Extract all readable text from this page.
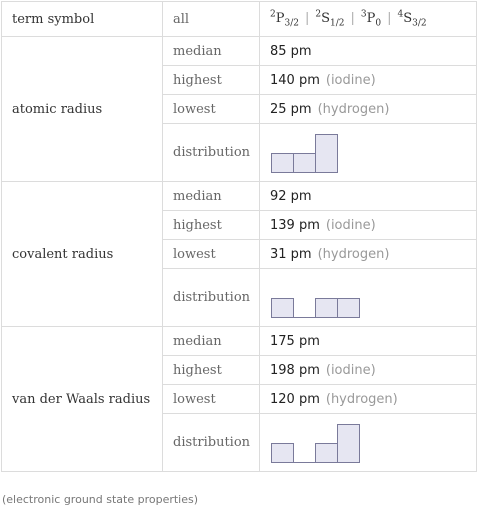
term symbol	all	$^2P_{3/2}$ | $^2S_{1/2}$ | $^3P_0$ | $^4S_{3/2}$
atomic radius	median	85 pm
	highest	140 pm (iodine)
	lowest	25 pm (hydrogen)
	distribution	
covalent radius	median	92 pm
	highest	139 pm (iodine)
	lowest	31 pm (hydrogen)
	distribution	
van der Waals radius	median	175 pm
	highest	198 pm (iodine)
	lowest	120 pm (hydrogen)
	distribution	
(electronic ground state properties)
